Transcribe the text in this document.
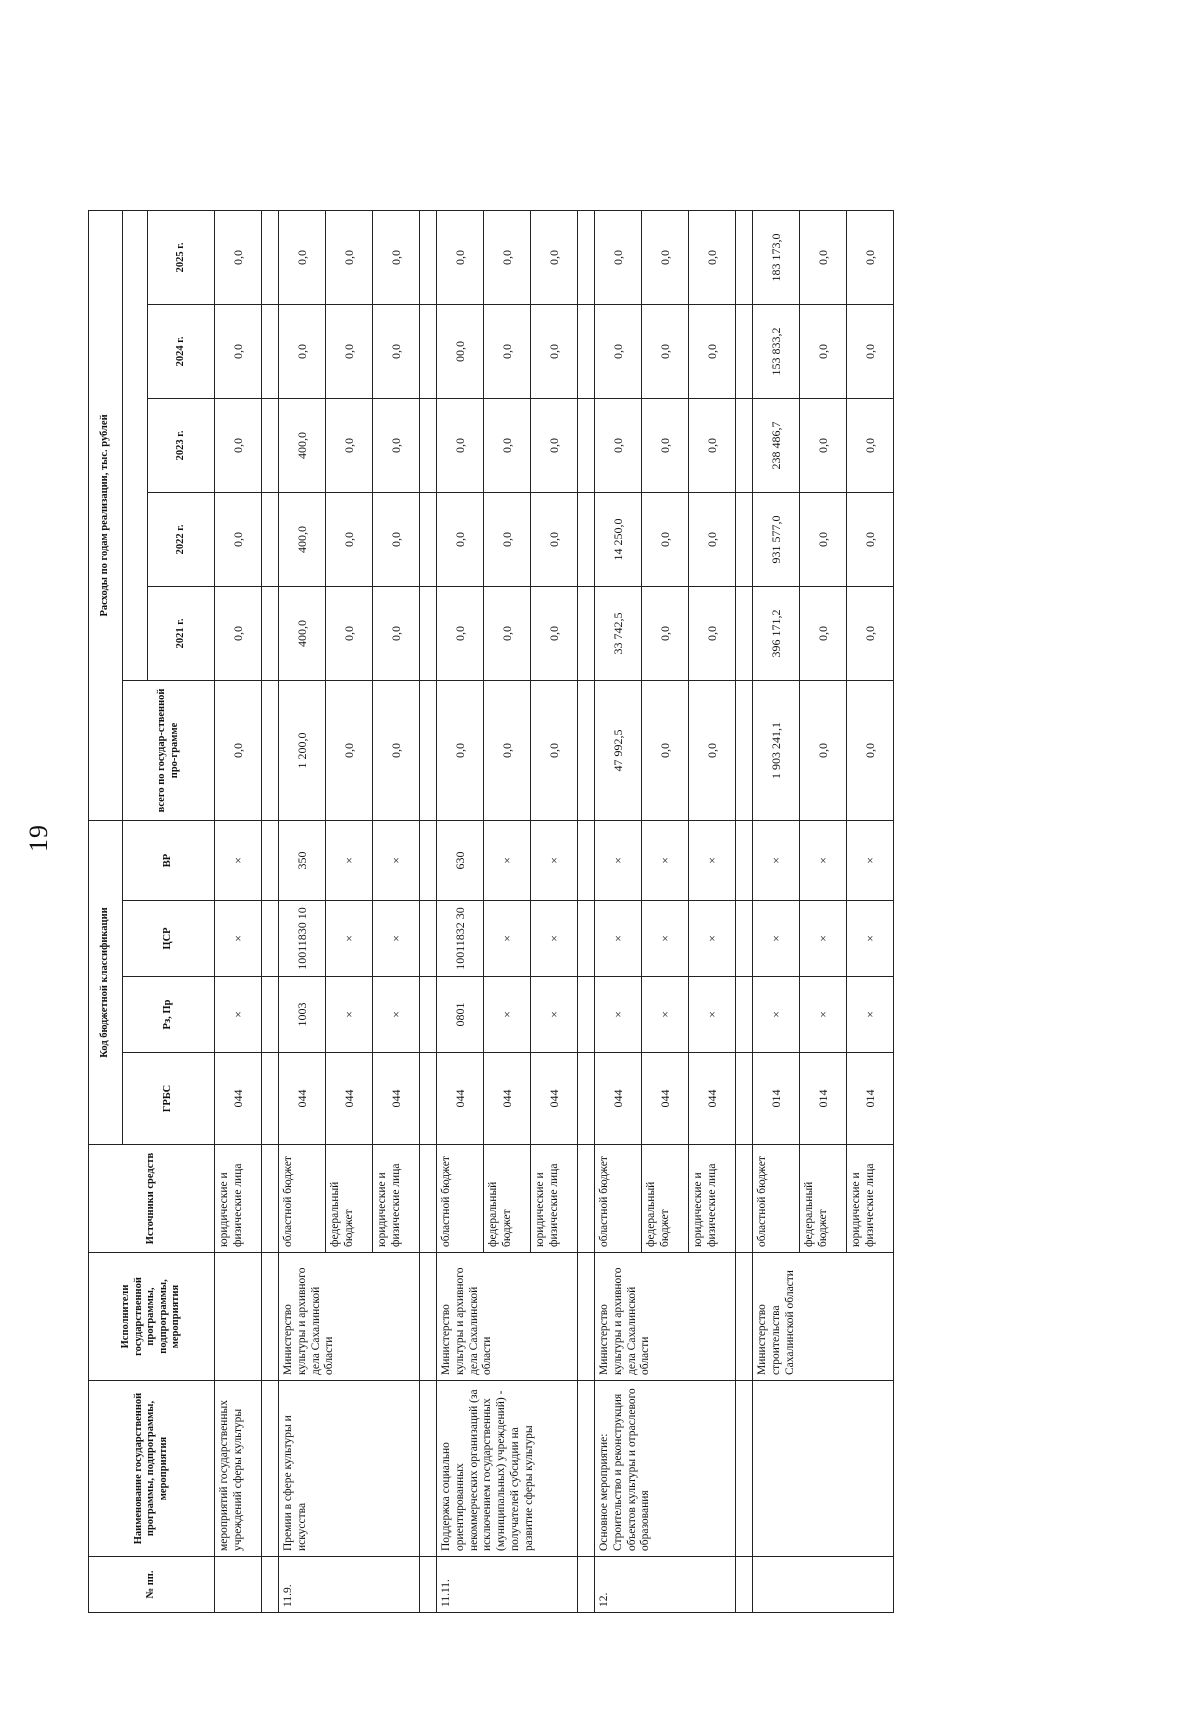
19
№ пп.	Наименование государственной программы, подпрограммы, мероприятия	Исполнители государственной программы, подпрограммы, мероприятия	Источники средств	Код бюджетной классификации				Расходы по годам реализации, тыс. рублей					
				ГРБС	Рз, Пр	ЦСР	ВР	всего по государ-ственной про-грамме					
									2021 г.	2022 г.	2023 г.	2024 г.	2025 г.
	мероприятий государственных учреждений сферы культуры		юридические и физические лица	044	×	×	×	0,0	0,0	0,0	0,0	0,0	0,0

11.9.	Премии в сфере культуры и искусства	Министерство культуры и архивного дела Сахалинской области	областной бюджет	044	1003	10011830 10	350	1 200,0	400,0	400,0	400,0	0,0	0,0
			федеральный бюджет	044	×	×	×	0,0	0,0	0,0	0,0	0,0	0,0
			юридические и физические лица	044	×	×	×	0,0	0,0	0,0	0,0	0,0	0,0

11.11.	Поддержка социально ориентированных некоммерческих организаций (за исключением государственных (муниципальных) учреждений) - получателей субсидии на развитие сферы культуры	Министерство культуры и архивного дела Сахалинской области	областной бюджет	044	0801	10011832 30	630	0,0	0,0	0,0	0,0	00,0	0,0
			федеральный бюджет	044	×	×	×	0,0	0,0	0,0	0,0	0,0	0,0
			юридические и физические лица	044	×	×	×	0,0	0,0	0,0	0,0	0,0	0,0

12.	Основное мероприятие: Строительство и реконструкция объектов культуры и отраслевого образования	Министерство культуры и архивного дела Сахалинской области	областной бюджет	044	×	×	×	47 992,5	33 742,5	14 250,0	0,0	0,0	0,0
			федеральный бюджет	044	×	×	×	0,0	0,0	0,0	0,0	0,0	0,0
			юридические и физические лица	044	×	×	×	0,0	0,0	0,0	0,0	0,0	0,0

		Министерство строительства Сахалинской области	областной бюджет	014	×	×	×	1 903 241,1	396 171,2	931 577,0	238 486,7	153 833,2	183 173,0
			федеральный бюджет	014	×	×	×	0,0	0,0	0,0	0,0	0,0	0,0
			юридические и физические лица	014	×	×	×	0,0	0,0	0,0	0,0	0,0	0,0
